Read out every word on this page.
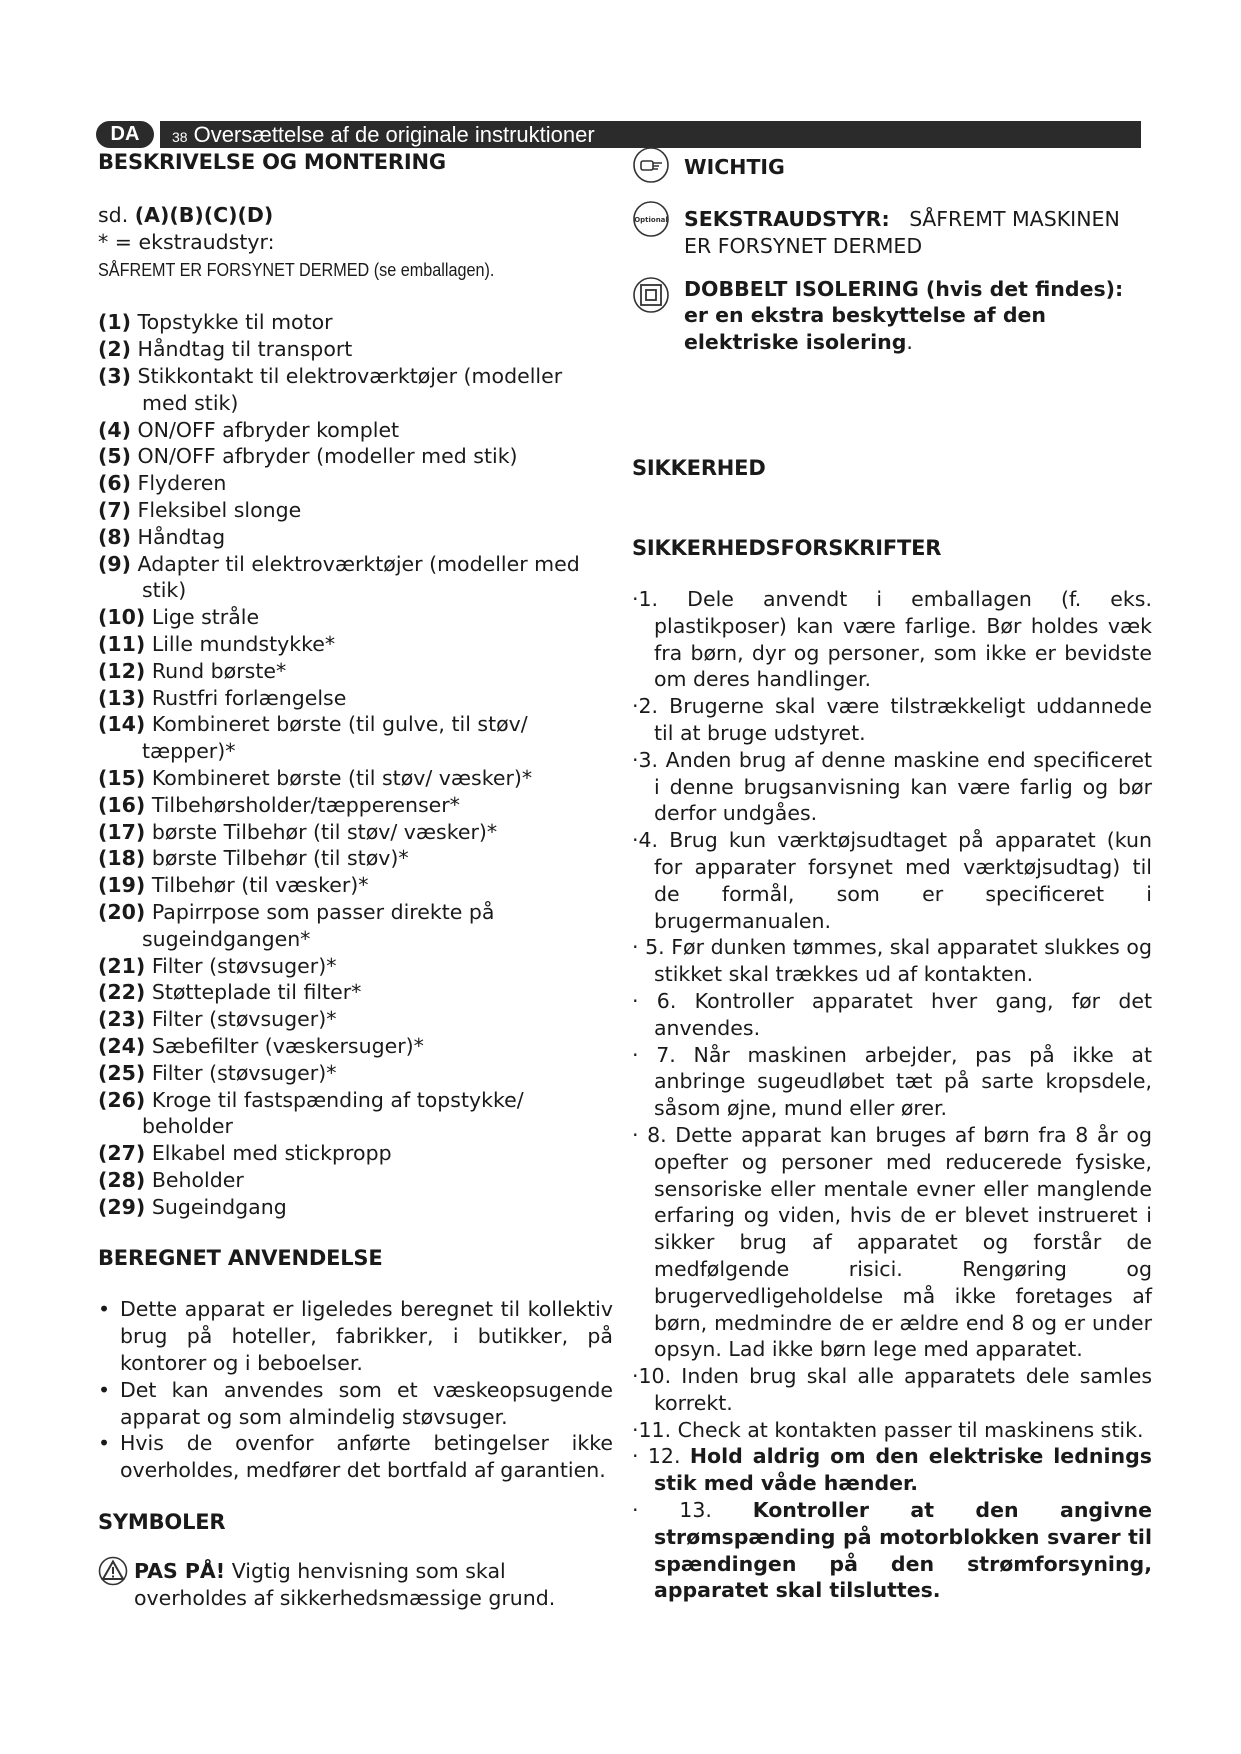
DA	38 Oversættelse af de originale instruktioner
BESKRIVELSE OG MONTERING
sd. (A)(B)(C)(D)
* = ekstraudstyr: SÅFREMT ER FORSYNET DERMED (se emballagen).
(1) Topstykke til motor
(2) Håndtag til transport
(3) Stikkontakt til elektroværktøjer (modeller med stik)
(4) ON/OFF afbryder komplet
(5) ON/OFF afbryder (modeller med stik)
(6) Flyderen
(7) Fleksibel slonge
(8) Håndtag
(9) Adapter til elektroværktøjer (modeller med stik)
(10) Lige stråle
(11) Lille mundstykke*
(12) Rund børste*
(13) Rustfri forlængelse
(14) Kombineret børste (til gulve, til støv/ tæpper)*
(15) Kombineret børste (til støv/ væsker)*
(16) Tilbehørsholder/tæpperenser*
(17) børste Tilbehør (til støv/ væsker)*
(18) børste Tilbehør (til støv)*
(19) Tilbehør (til væsker)*
(20) Papirrpose som passer direkte på sugeindgangen*
(21) Filter (støvsuger)*
(22) Støtteplade til filter*
(23) Filter (støvsuger)*
(24) Sæbefilter (væskersuger)*
(25) Filter (støvsuger)*
(26) Kroge til fastspænding af topstykke/ beholder
(27) Elkabel med stickpropp
(28) Beholder
(29) Sugeindgang
BEREGNET ANVENDELSE
• Dette apparat er ligeledes beregnet til kollektiv brug på hoteller, fabrikker, i butikker, på kontorer og i beboelser.
• Det kan anvendes som et væskeopsugende apparat og som almindelig støvsuger.
• Hvis de ovenfor anførte betingelser ikke overholdes, medfører det bortfald af garantien.
SYMBOLER
PAS PÅ! Vigtig henvisning som skal overholdes af sikkerhedsmæssige grund.
WICHTIG
Optional SEKSTRAUDSTYR: SÅFREMT MASKINEN ER FORSYNET DERMED
DOBBELT ISOLERING (hvis det findes): er en ekstra beskyttelse af den elektriske isolering.
SIKKERHED
SIKKERHEDSFORSKRIFTER
·1. Dele anvendt i emballagen (f. eks. plastikposer) kan være farlige. Bør holdes væk fra børn, dyr og personer, som ikke er bevidste om deres handlinger.
·2. Brugerne skal være tilstrækkeligt uddannede til at bruge udstyret.
·3. Anden brug af denne maskine end specificeret i denne brugsanvisning kan være farlig og bør derfor undgåes.
·4. Brug kun værktøjsudtaget på apparatet (kun for apparater forsynet med værktøjsudtag) til de formål, som er specificeret i brugermanualen.
· 5. Før dunken tømmes, skal apparatet slukkes og stikket skal trækkes ud af kontakten.
· 6. Kontroller apparatet hver gang, før det anvendes.
· 7. Når maskinen arbejder, pas på ikke at anbringe sugeudløbet tæt på sarte kropsdele, såsom øjne, mund eller ører.
· 8. Dette apparat kan bruges af børn fra 8 år og opefter og personer med reducerede fysiske, sensoriske eller mentale evner eller manglende erfaring og viden, hvis de er blevet instrueret i sikker brug af apparatet og forstår de medfølgende risici. Rengøring og brugervedligeholdelse må ikke foretages af børn, medmindre de er ældre end 8 og er under opsyn. Lad ikke børn lege med apparatet.
·10. Inden brug skal alle apparatets dele samles korrekt.
·11. Check at kontakten passer til maskinens stik.
· 12. Hold aldrig om den elektriske lednings stik med våde hænder.
· 13. Kontroller at den angivne strømspænding på motorblokken svarer til spændingen på den strømforsyning, apparatet skal tilsluttes.
